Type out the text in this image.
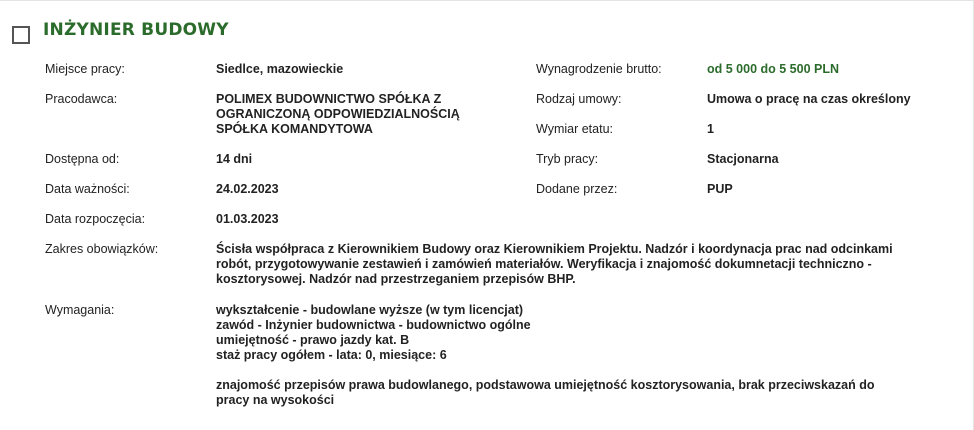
INŻYNIER BUDOWY
Miejsce pracy:	Siedlce, mazowieckie
Pracodawca:	POLIMEX BUDOWNICTWO SPÓŁKA Z
OGRANICZONĄ ODPOWIEDZIALNOŚCIĄ
SPÓŁKA KOMANDYTOWA
Dostępna od:	14 dni
Data ważności:	24.02.2023
Data rozpoczęcia:	01.03.2023
Wynagrodzenie brutto:	od 5 000 do 5 500 PLN
Rodzaj umowy:	Umowa o pracę na czas określony
Wymiar etatu:	1
Tryb pracy:	Stacjonarna
Dodane przez:	PUP
Zakres obowiązków:	Ścisła współpraca z Kierownikiem Budowy oraz Kierownikiem Projektu. Nadzór i koordynacja prac nad odcinkami
robót, przygotowywanie zestawień i zamówień materiałów. Weryfikacja i znajomość dokumnetacji techniczno -
kosztorysowej. Nadzór nad przestrzeganiem przepisów BHP.
Wymagania:	wykształcenie - budowlane wyższe (w tym licencjat)
zawód - Inżynier budownictwa - budownictwo ogólne
umiejętność - prawo jazdy kat. B
staż pracy ogółem - lata: 0, miesiące: 6
znajomość przepisów prawa budowlanego, podstawowa umiejętność kosztorysowania, brak przeciwskazań do
pracy na wysokości
